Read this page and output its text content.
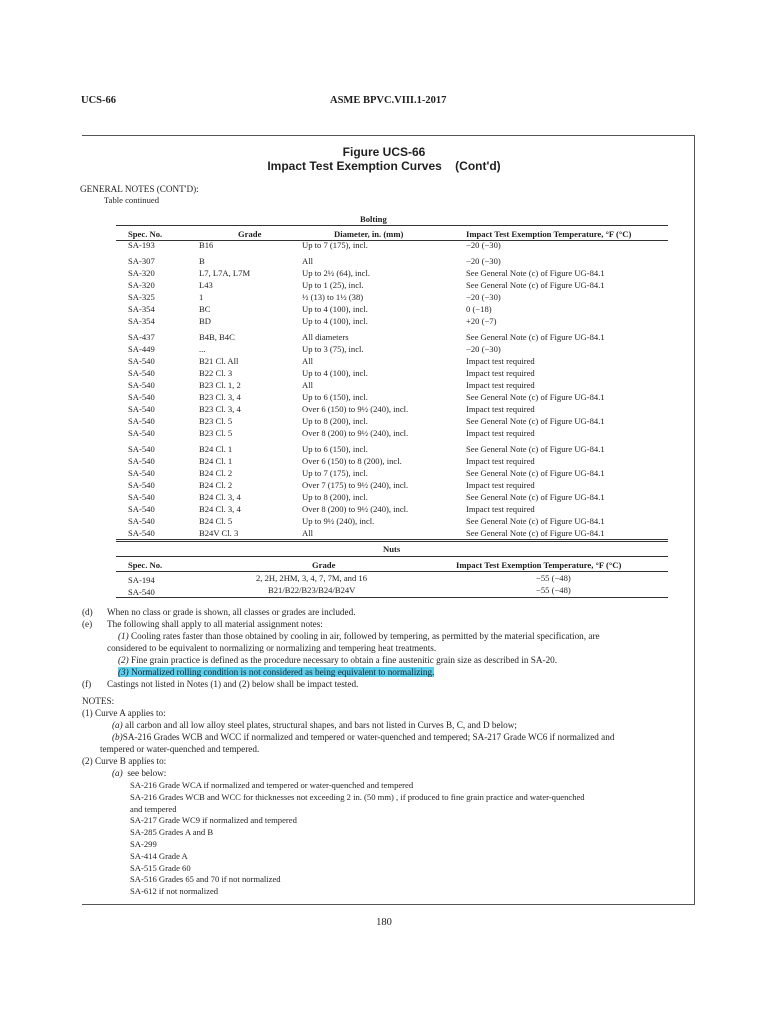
UCS-66	ASME BPVC.VIII.1-2017
Figure UCS-66
Impact Test Exemption Curves (Cont'd)
GENERAL NOTES (CONT'D):
Table continued
Bolting
Spec. No.	Grade	Diameter, in. (mm)	Impact Test Exemption Temperature, °F (°C)
SA-193	B16	Up to 7 (175), incl.	−20 (−30)
SA-307	B	All	−20 (−30)
SA-320	L7, L7A, L7M	Up to 2½ (64), incl.	See General Note (c) of Figure UG-84.1
SA-320	L43	Up to 1 (25), incl.	See General Note (c) of Figure UG-84.1
SA-325	1	½ (13) to 1½ (38)	−20 (−30)
SA-354	BC	Up to 4 (100), incl.	0 (−18)
SA-354	BD	Up to 4 (100), incl.	+20 (−7)
SA-437	B4B, B4C	All diameters	See General Note (c) of Figure UG-84.1
SA-449	...	Up to 3 (75), incl.	−20 (−30)
SA-540	B21 Cl. All	All	Impact test required
SA-540	B22 Cl. 3	Up to 4 (100), incl.	Impact test required
SA-540	B23 Cl. 1, 2	All	Impact test required
SA-540	B23 Cl. 3, 4	Up to 6 (150), incl.	See General Note (c) of Figure UG-84.1
SA-540	B23 Cl. 3, 4	Over 6 (150) to 9½ (240), incl.	Impact test required
SA-540	B23 Cl. 5	Up to 8 (200), incl.	See General Note (c) of Figure UG-84.1
SA-540	B23 Cl. 5	Over 8 (200) to 9½ (240), incl.	Impact test required
SA-540	B24 Cl. 1	Up to 6 (150), incl.	See General Note (c) of Figure UG-84.1
SA-540	B24 Cl. 1	Over 6 (150) to 8 (200), incl.	Impact test required
SA-540	B24 Cl. 2	Up to 7 (175), incl.	See General Note (c) of Figure UG-84.1
SA-540	B24 Cl. 2	Over 7 (175) to 9½ (240), incl.	Impact test required
SA-540	B24 Cl. 3, 4	Up to 8 (200), incl.	See General Note (c) of Figure UG-84.1
SA-540	B24 Cl. 3, 4	Over 8 (200) to 9½ (240), incl.	Impact test required
SA-540	B24 Cl. 5	Up to 9½ (240), incl.	See General Note (c) of Figure UG-84.1
SA-540	B24V Cl. 3	All	See General Note (c) of Figure UG-84.1
Nuts
Spec. No.	Grade	Impact Test Exemption Temperature, °F (°C)
SA-194	2, 2H, 2HM, 3, 4, 7, 7M, and 16	−55 (−48)
SA-540	B21/B22/B23/B24/B24V	−55 (−48)
(d) When no class or grade is shown, all classes or grades are included.
(e) The following shall apply to all material assignment notes:
(1) Cooling rates faster than those obtained by cooling in air, followed by tempering, as permitted by the material specification, are
considered to be equivalent to normalizing or normalizing and tempering heat treatments.
(2) Fine grain practice is defined as the procedure necessary to obtain a fine austenitic grain size as described in SA-20.
(3) Normalized rolling condition is not considered as being equivalent to normalizing.
(f) Castings not listed in Notes (1) and (2) below shall be impact tested.
NOTES:
(1) Curve A applies to:
(a) all carbon and all low alloy steel plates, structural shapes, and bars not listed in Curves B, C, and D below;
(b)SA-216 Grades WCB and WCC if normalized and tempered or water-quenched and tempered; SA-217 Grade WC6 if normalized and
tempered or water-quenched and tempered.
(2) Curve B applies to:
(a) see below:
SA-216 Grade WCA if normalized and tempered or water-quenched and tempered
SA-216 Grades WCB and WCC for thicknesses not exceeding 2 in. (50 mm) , if produced to fine grain practice and water-quenched
and tempered
SA-217 Grade WC9 if normalized and tempered
SA-285 Grades A and B
SA-299
SA-414 Grade A
SA-515 Grade 60
SA-516 Grades 65 and 70 if not normalized
SA-612 if not normalized
180
